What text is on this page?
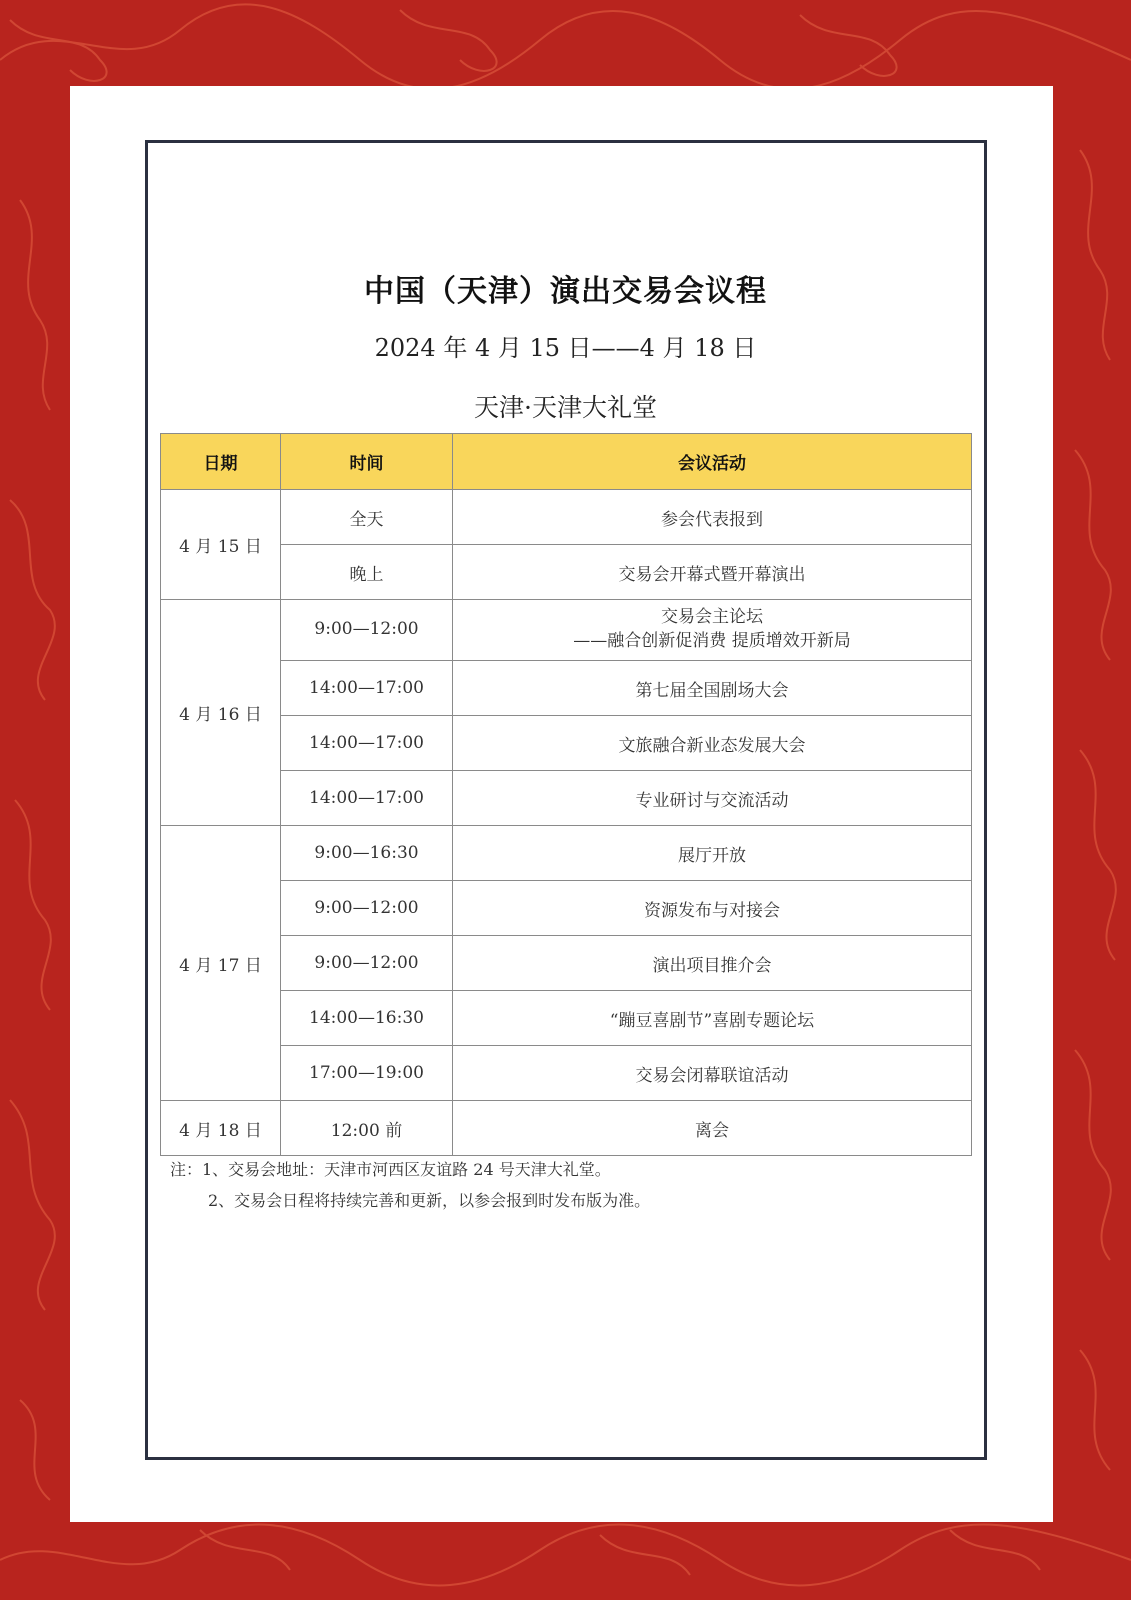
中国（天津）演出交易会议程
2024 年 4 月 15 日——4 月 18 日
天津·天津大礼堂
日期	时间	会议活动
4 月 15 日	全天	参会代表报到
	晚上	交易会开幕式暨开幕演出
4 月 16 日	9:00—12:00	交易会主论坛
——融合创新促消费 提质增效开新局

	14:00—17:00	第七届全国剧场大会
	14:00—17:00	文旅融合新业态发展大会
	14:00—17:00	专业研讨与交流活动
4 月 17 日	9:00—16:30	展厅开放
	9:00—12:00	资源发布与对接会
	9:00—12:00	演出项目推介会
	14:00—16:30	“蹦豆喜剧节”喜剧专题论坛
	17:00—19:00	交易会闭幕联谊活动
4 月 18 日	12:00 前	离会
注：1、交易会地址：天津市河西区友谊路 24 号天津大礼堂。
2、交易会日程将持续完善和更新，以参会报到时发布版为准。
